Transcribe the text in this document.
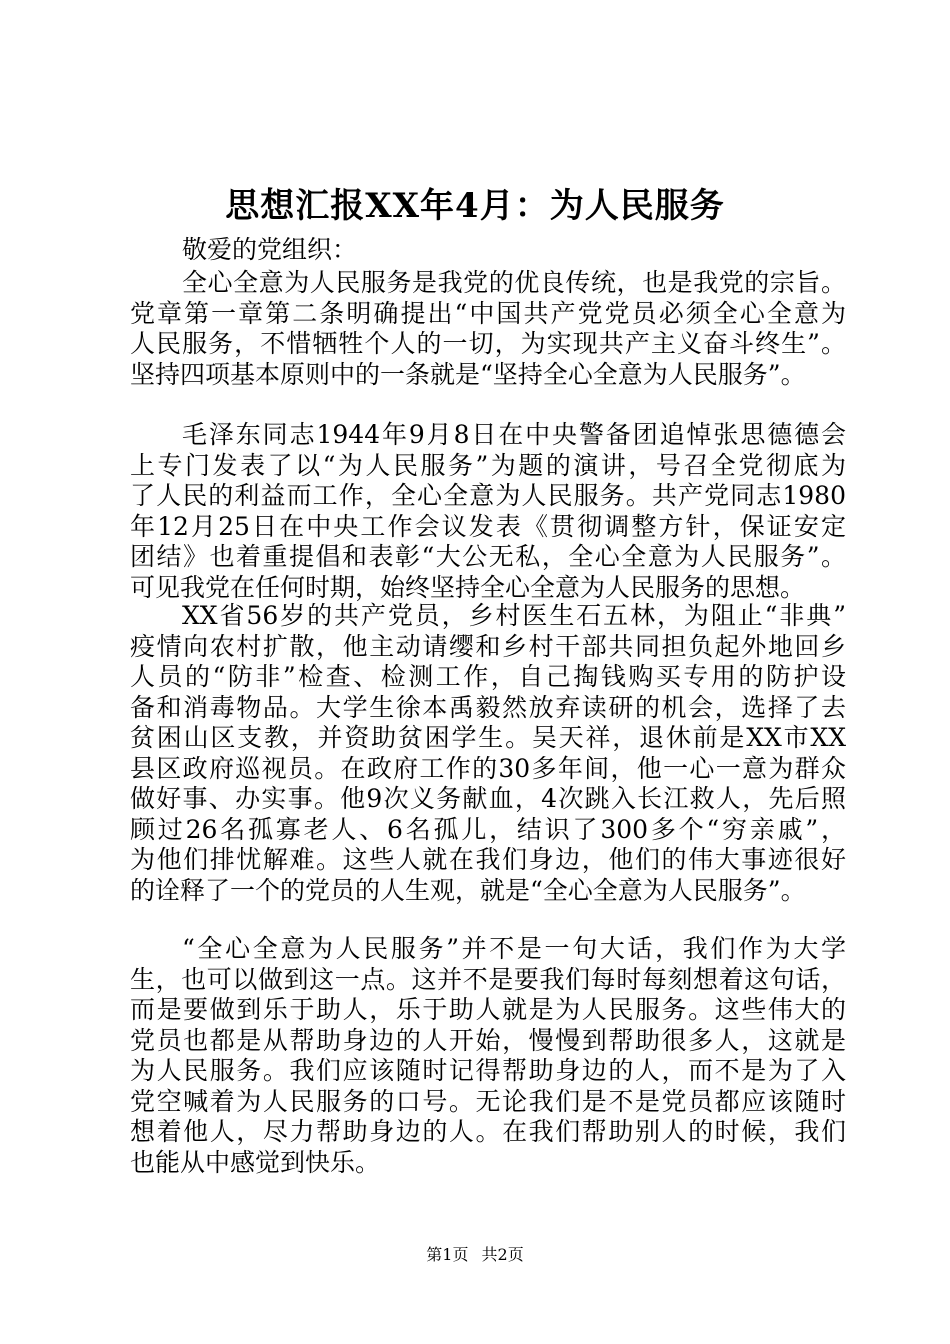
思想汇报XX年4月：为人民服务

敬爱的党组织：

全心全意为人民服务是我党的优良传统，也是我党的宗旨。
党章第一章第二条明确提出“中国共产党党员必须全心全意为
人民服务，不惜牺牲个人的一切，为实现共产主义奋斗终生”。
坚持四项基本原则中的一条就是“坚持全心全意为人民服务”。
毛泽东同志1944年9月8日在中央警备团追悼张思德德会
上专门发表了以“为人民服务”为题的演讲，号召全党彻底为
了人民的利益而工作，全心全意为人民服务。共产党同志1980
年12月25日在中央工作会议发表《贯彻调整方针，保证安定
团结》也着重提倡和表彰“大公无私，全心全意为人民服务”。
可见我党在任何时期，始终坚持全心全意为人民服务的思想。
XX省56岁的共产党员，乡村医生石五林，为阻止“非典”
疫情向农村扩散，他主动请缨和乡村干部共同担负起外地回乡
人员的“防非”检查、检测工作，自己掏钱购买专用的防护设
备和消毒物品。大学生徐本禹毅然放弃读研的机会，选择了去
贫困山区支教，并资助贫困学生。吴天祥，退休前是XX市XX
县区政府巡视员。在政府工作的30多年间，他一心一意为群众
做好事、办实事。他9次义务献血，4次跳入长江救人，先后照
顾过26名孤寡老人、6名孤儿，结识了300多个“穷亲戚”，
为他们排忧解难。这些人就在我们身边，他们的伟大事迹很好
的诠释了一个的党员的人生观，就是“全心全意为人民服务”。
“全心全意为人民服务”并不是一句大话，我们作为大学
生，也可以做到这一点。这并不是要我们每时每刻想着这句话，
而是要做到乐于助人，乐于助人就是为人民服务。这些伟大的
党员也都是从帮助身边的人开始，慢慢到帮助很多人，这就是
为人民服务。我们应该随时记得帮助身边的人，而不是为了入
党空喊着为人民服务的口号。无论我们是不是党员都应该随时
想着他人，尽力帮助身边的人。在我们帮助别人的时候，我们
也能从中感觉到快乐。
第1页 共2页
